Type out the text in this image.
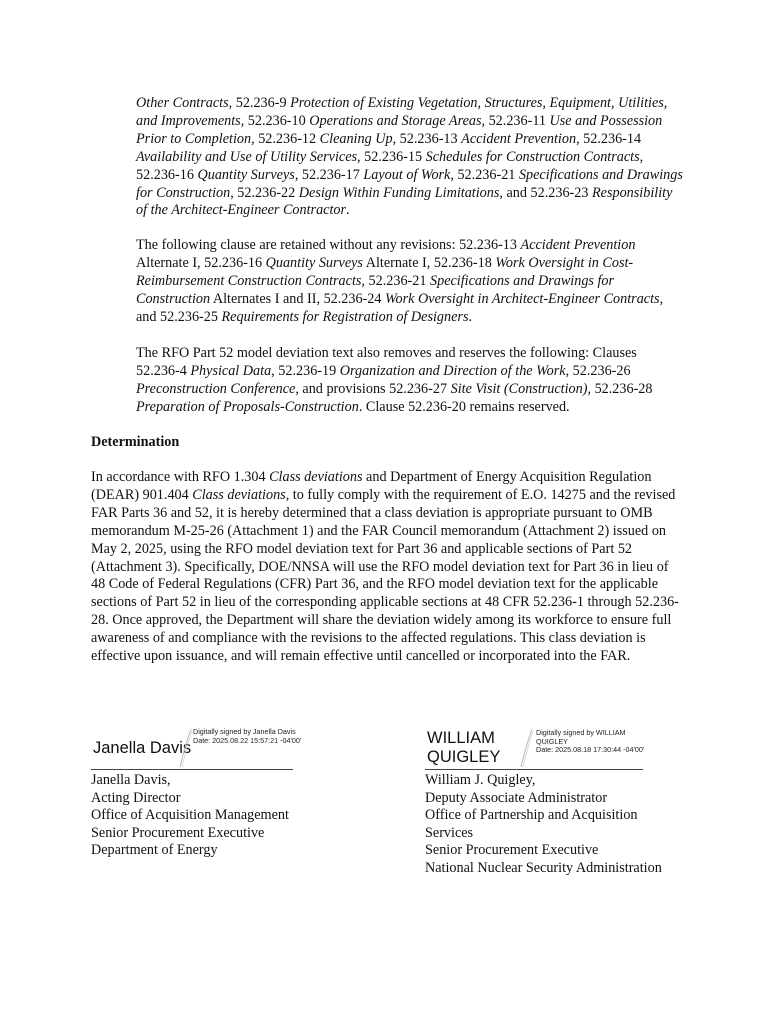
Other Contracts, 52.236-9 Protection of Existing Vegetation, Structures, Equipment, Utilities, and Improvements, 52.236-10 Operations and Storage Areas, 52.236-11 Use and Possession Prior to Completion, 52.236-12 Cleaning Up, 52.236-13 Accident Prevention, 52.236-14 Availability and Use of Utility Services, 52.236-15 Schedules for Construction Contracts, 52.236-16 Quantity Surveys, 52.236-17 Layout of Work, 52.236-21 Specifications and Drawings for Construction, 52.236-22 Design Within Funding Limitations, and 52.236-23 Responsibility of the Architect-Engineer Contractor.

The following clause are retained without any revisions: 52.236-13 Accident Prevention Alternate I, 52.236-16 Quantity Surveys Alternate I, 52.236-18 Work Oversight in Cost-Reimbursement Construction Contracts, 52.236-21 Specifications and Drawings for Construction Alternates I and II, 52.236-24 Work Oversight in Architect-Engineer Contracts, and 52.236-25 Requirements for Registration of Designers.

The RFO Part 52 model deviation text also removes and reserves the following: Clauses 52.236-4 Physical Data, 52.236-19 Organization and Direction of the Work, 52.236-26 Preconstruction Conference, and provisions 52.236-27 Site Visit (Construction), 52.236-28 Preparation of Proposals-Construction. Clause 52.236-20 remains reserved.

Determination

In accordance with RFO 1.304 Class deviations and Department of Energy Acquisition Regulation (DEAR) 901.404 Class deviations, to fully comply with the requirement of E.O. 14275 and the revised FAR Parts 36 and 52, it is hereby determined that a class deviation is appropriate pursuant to OMB memorandum M-25-26 (Attachment 1) and the FAR Council memorandum (Attachment 2) issued on May 2, 2025, using the RFO model deviation text for Part 36 and applicable sections of Part 52 (Attachment 3). Specifically, DOE/NNSA will use the RFO model deviation text for Part 36 in lieu of 48 Code of Federal Regulations (CFR) Part 36, and the RFO model deviation text for the applicable sections of Part 52 in lieu of the corresponding applicable sections at 48 CFR 52.236-1 through 52.236-28. Once approved, the Department will share the deviation widely among its workforce to ensure full awareness of and compliance with the revisions to the affected regulations. This class deviation is effective upon issuance, and will remain effective until cancelled or incorporated into the FAR.

Janella Davis
Digitally signed by Janella Davis
Date: 2025.08.22 15:57:21 -04'00'
Janella Davis,
Acting Director
Office of Acquisition Management
Senior Procurement Executive
Department of Energy
WILLIAM QUIGLEY
Digitally signed by WILLIAM QUIGLEY
Date: 2025.08.18 17:30:44 -04'00'
William J. Quigley,
Deputy Associate Administrator
Office of Partnership and Acquisition
Services
Senior Procurement Executive
National Nuclear Security Administration
